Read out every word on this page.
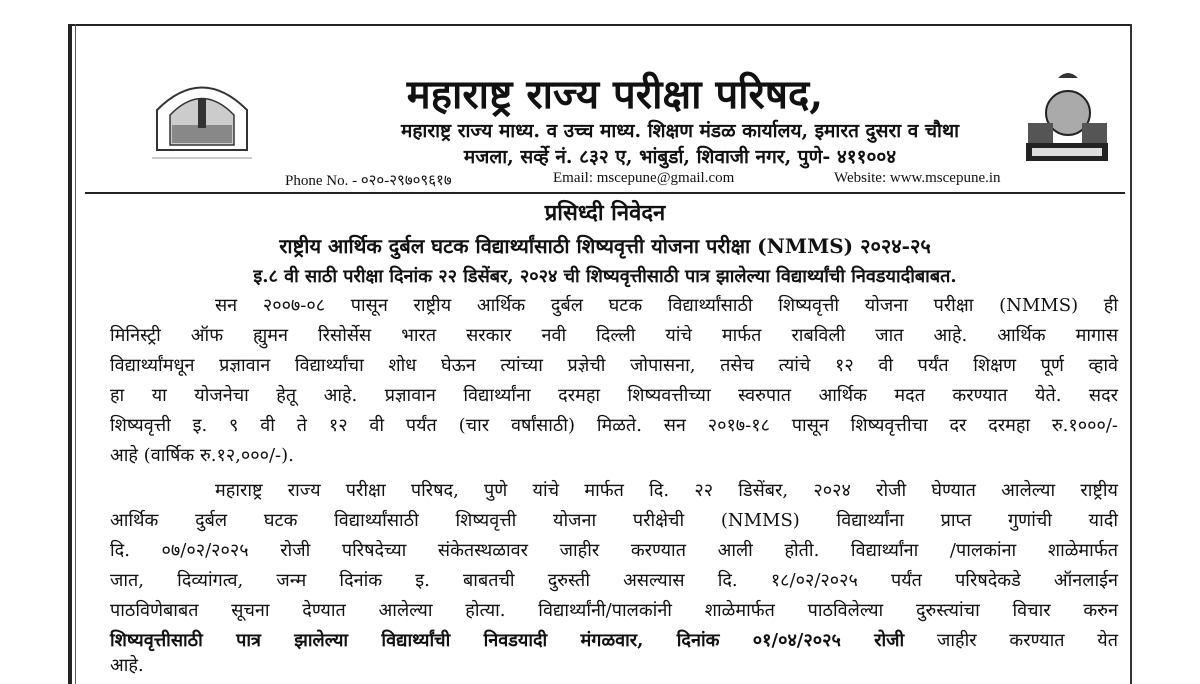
महाराष्ट्र राज्य परीक्षा परिषद,
महाराष्ट्र राज्य माध्य. व उच्च माध्य. शिक्षण मंडळ कार्यालय, इमारत दुसरा व चौथा
मजला, सर्व्हे नं. ८३२ ए, भांबुर्डा, शिवाजी नगर, पुणे- ४११००४
Phone No. - ०२०-२९७०९६१७	Email: mscepune@gmail.com	Website: www.mscepune.in
प्रसिध्दी निवेदन
राष्ट्रीय आर्थिक दुर्बल घटक विद्यार्थ्यांसाठी शिष्यवृत्ती योजना परीक्षा (NMMS) २०२४-२५
इ.८ वी साठी परीक्षा दिनांक २२ डिसेंबर, २०२४ ची शिष्यवृत्तीसाठी पात्र झालेल्या विद्यार्थ्यांची निवडयादीबाबत.
सन २००७-०८ पासून राष्ट्रीय आर्थिक दुर्बल घटक विद्यार्थ्यांसाठी शिष्यवृत्ती योजना परीक्षा (NMMS) ही
मिनिस्ट्री ऑफ ह्युमन रिसोर्सेस भारत सरकार नवी दिल्ली यांचे मार्फत राबविली जात आहे. आर्थिक मागास
विद्यार्थ्यांमधून प्रज्ञावान विद्यार्थ्यांचा शोध घेऊन त्यांच्या प्रज्ञेची जोपासना, तसेच त्यांचे १२ वी पर्यंत शिक्षण पूर्ण व्हावे
हा या योजनेचा हेतू आहे. प्रज्ञावान विद्यार्थ्यांना दरमहा शिष्यवत्तीच्या स्वरुपात आर्थिक मदत करण्यात येते. सदर
शिष्यवृत्ती इ. ९ वी ते १२ वी पर्यंत (चार वर्षांसाठी) मिळते. सन २०१७-१८ पासून शिष्यवृत्तीचा दर दरमहा रु.१०००/-
आहे (वार्षिक रु.१२,०००/-).
महाराष्ट्र राज्य परीक्षा परिषद, पुणे यांचे मार्फत दि. २२ डिसेंबर, २०२४ रोजी घेण्यात आलेल्या राष्ट्रीय
आर्थिक दुर्बल घटक विद्यार्थ्यांसाठी शिष्यवृत्ती योजना परीक्षेची (NMMS) विद्यार्थ्यांना प्राप्त गुणांची यादी
दि. ०७/०२/२०२५ रोजी परिषदेच्या संकेतस्थळावर जाहीर करण्यात आली होती. विद्यार्थ्यांना /पालकांना शाळेमार्फत
जात, दिव्यांगत्व, जन्म दिनांक इ. बाबतची दुरुस्ती असल्यास दि. १८/०२/२०२५ पर्यंत परिषदेकडे ऑनलाईन
पाठविणेबाबत सूचना देण्यात आलेल्या होत्या. विद्यार्थ्यांनी/पालकांनी शाळेमार्फत पाठविलेल्या दुरुस्त्यांचा विचार करुन
शिष्यवृत्तीसाठी पात्र झालेल्या विद्यार्थ्यांची निवडयादी मंगळवार, दिनांक ०१/०४/२०२५ रोजी जाहीर करण्यात येत
आहे.
